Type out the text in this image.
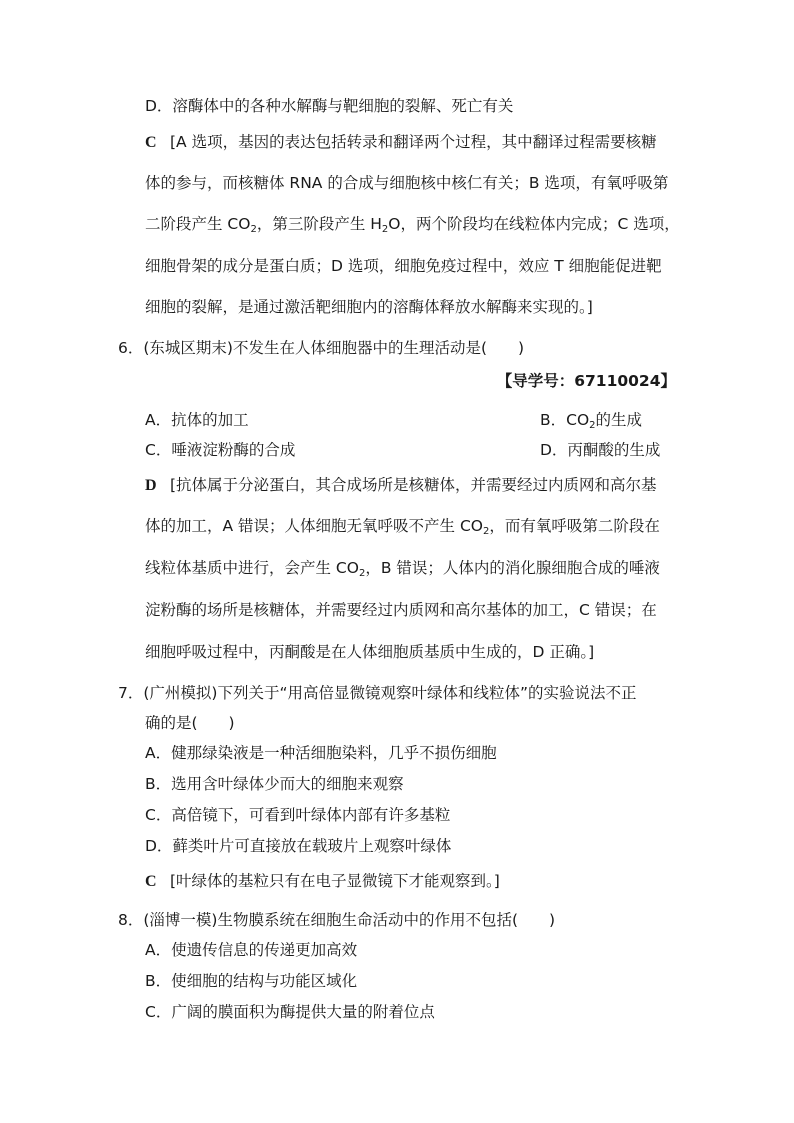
D．溶酶体中的各种水解酶与靶细胞的裂解、死亡有关
C [A 选项，基因的表达包括转录和翻译两个过程，其中翻译过程需要核糖
体的参与，而核糖体 RNA 的合成与细胞核中核仁有关；B 选项，有氧呼吸第
二阶段产生 $CO_2$，第三阶段产生 $H_2O$，两个阶段均在线粒体内完成；C 选项，
细胞骨架的成分是蛋白质；D 选项，细胞免疫过程中，效应 T 细胞能促进靶
细胞的裂解，是通过激活靶细胞内的溶酶体释放水解酶来实现的。]
6．(东城区期末)不发生在人体细胞器中的生理活动是(　　)
【导学号：67110024】
A．抗体的加工	B．$CO_2$的生成
C．唾液淀粉酶的合成	D．丙酮酸的生成
D [抗体属于分泌蛋白，其合成场所是核糖体，并需要经过内质网和高尔基
体的加工，A 错误；人体细胞无氧呼吸不产生 $CO_2$，而有氧呼吸第二阶段在
线粒体基质中进行，会产生 $CO_2$，B 错误；人体内的消化腺细胞合成的唾液
淀粉酶的场所是核糖体，并需要经过内质网和高尔基体的加工，C 错误；在
细胞呼吸过程中，丙酮酸是在人体细胞质基质中生成的，D 正确。]
7．(广州模拟)下列关于“用高倍显微镜观察叶绿体和线粒体”的实验说法不正
确的是(　　)
A．健那绿染液是一种活细胞染料，几乎不损伤细胞
B．选用含叶绿体少而大的细胞来观察
C．高倍镜下，可看到叶绿体内部有许多基粒
D．藓类叶片可直接放在载玻片上观察叶绿体
C [叶绿体的基粒只有在电子显微镜下才能观察到。]
8．(淄博一模)生物膜系统在细胞生命活动中的作用不包括(　　)
A．使遗传信息的传递更加高效
B．使细胞的结构与功能区域化
C．广阔的膜面积为酶提供大量的附着位点
